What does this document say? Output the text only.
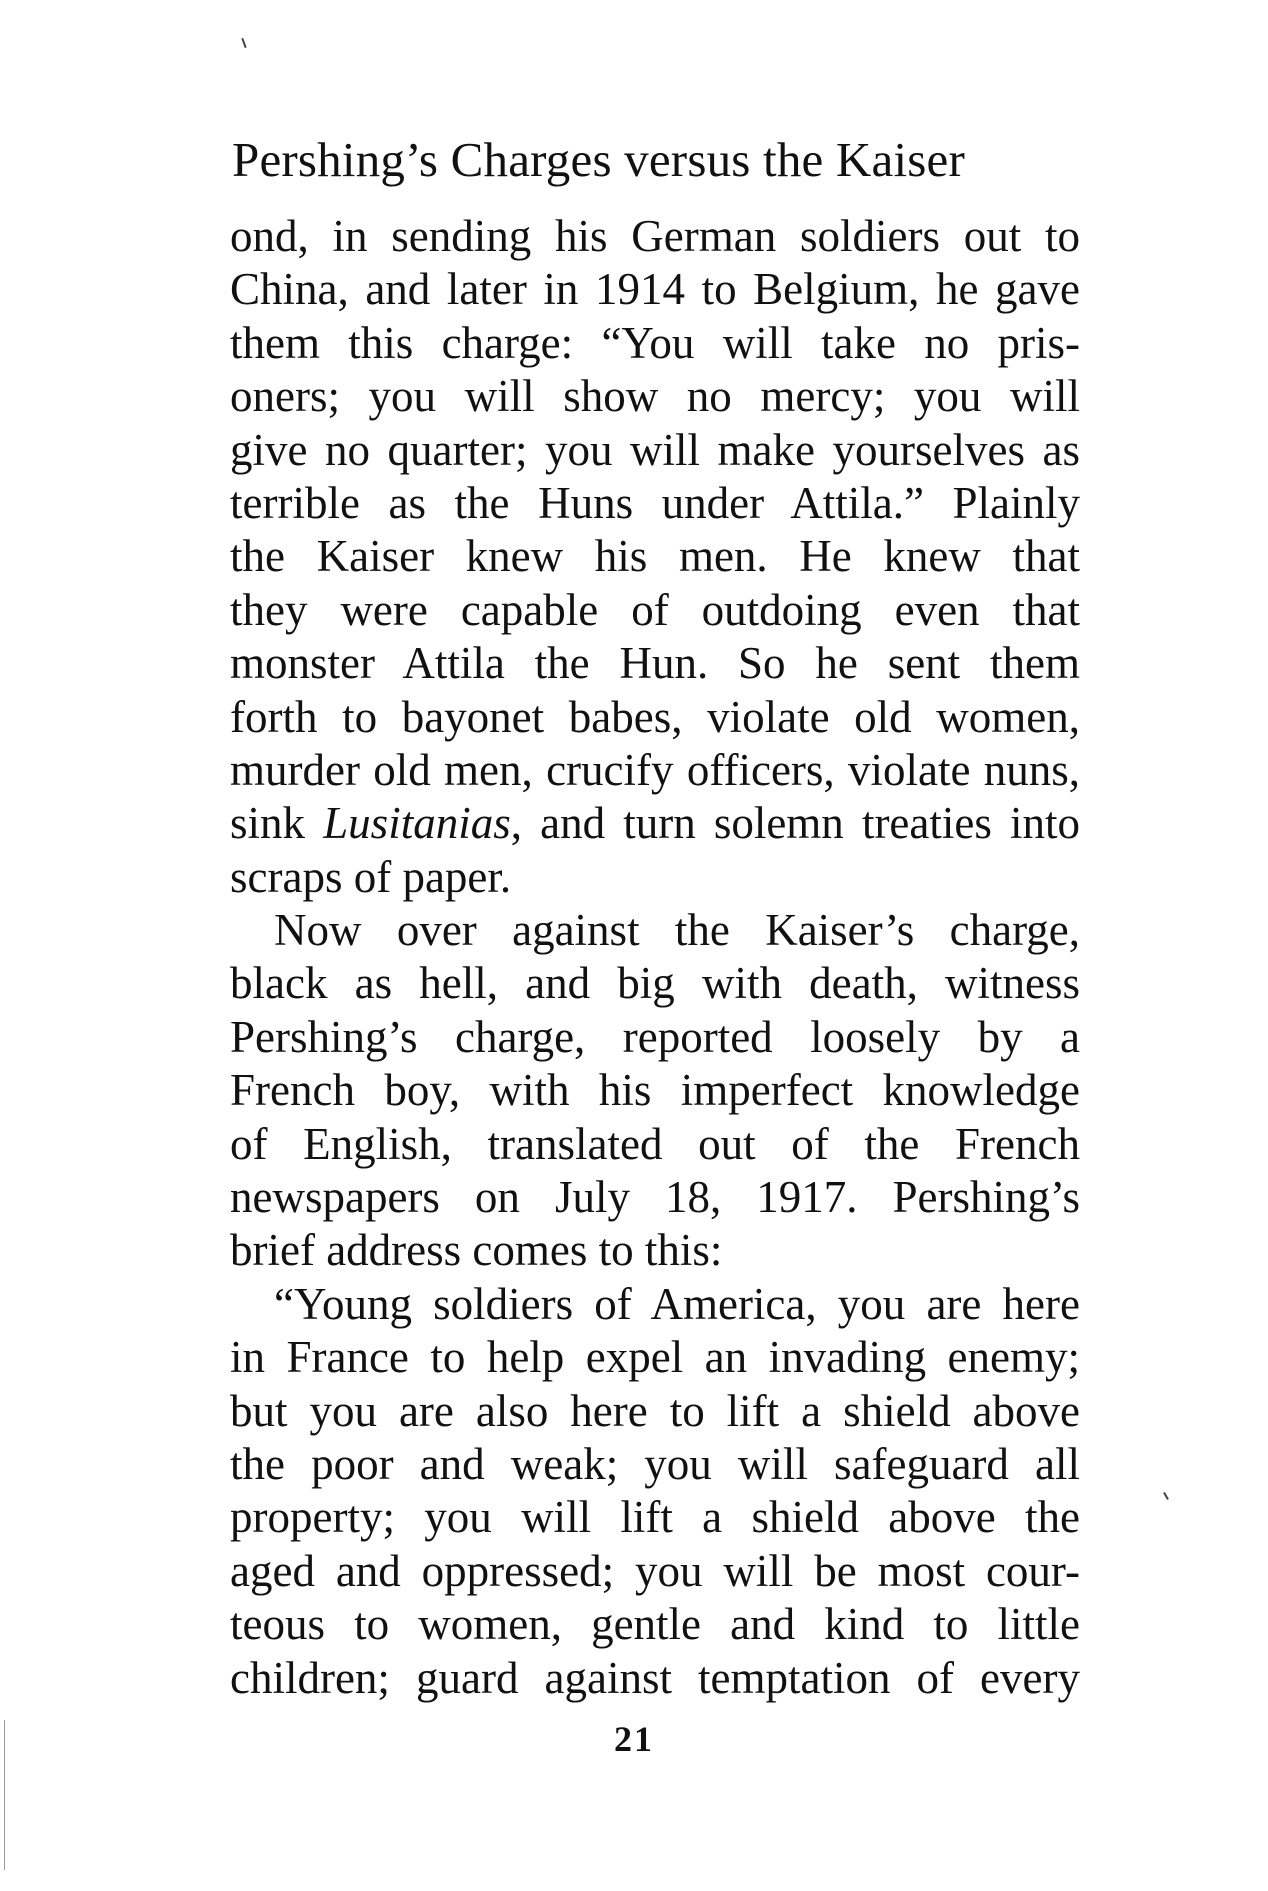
Pershing’s Charges versus the Kaiser
ond, in sending his German soldiers out to
China, and later in 1914 to Belgium, he gave
them this charge: “You will take no pris-
oners; you will show no mercy; you will
give no quarter; you will make yourselves as
terrible as the Huns under Attila.” Plainly
the Kaiser knew his men. He knew that
they were capable of outdoing even that
monster Attila the Hun. So he sent them
forth to bayonet babes, violate old women,
murder old men, crucify officers, violate nuns,
sink Lusitanias, and turn solemn treaties into
scraps of paper.
Now over against the Kaiser’s charge,
black as hell, and big with death, witness
Pershing’s charge, reported loosely by a
French boy, with his imperfect knowledge
of English, translated out of the French
newspapers on July 18, 1917. Pershing’s
brief address comes to this:
“Young soldiers of America, you are here
in France to help expel an invading enemy;
but you are also here to lift a shield above
the poor and weak; you will safeguard all
property; you will lift a shield above the
aged and oppressed; you will be most cour-
teous to women, gentle and kind to little
children; guard against temptation of every
21
